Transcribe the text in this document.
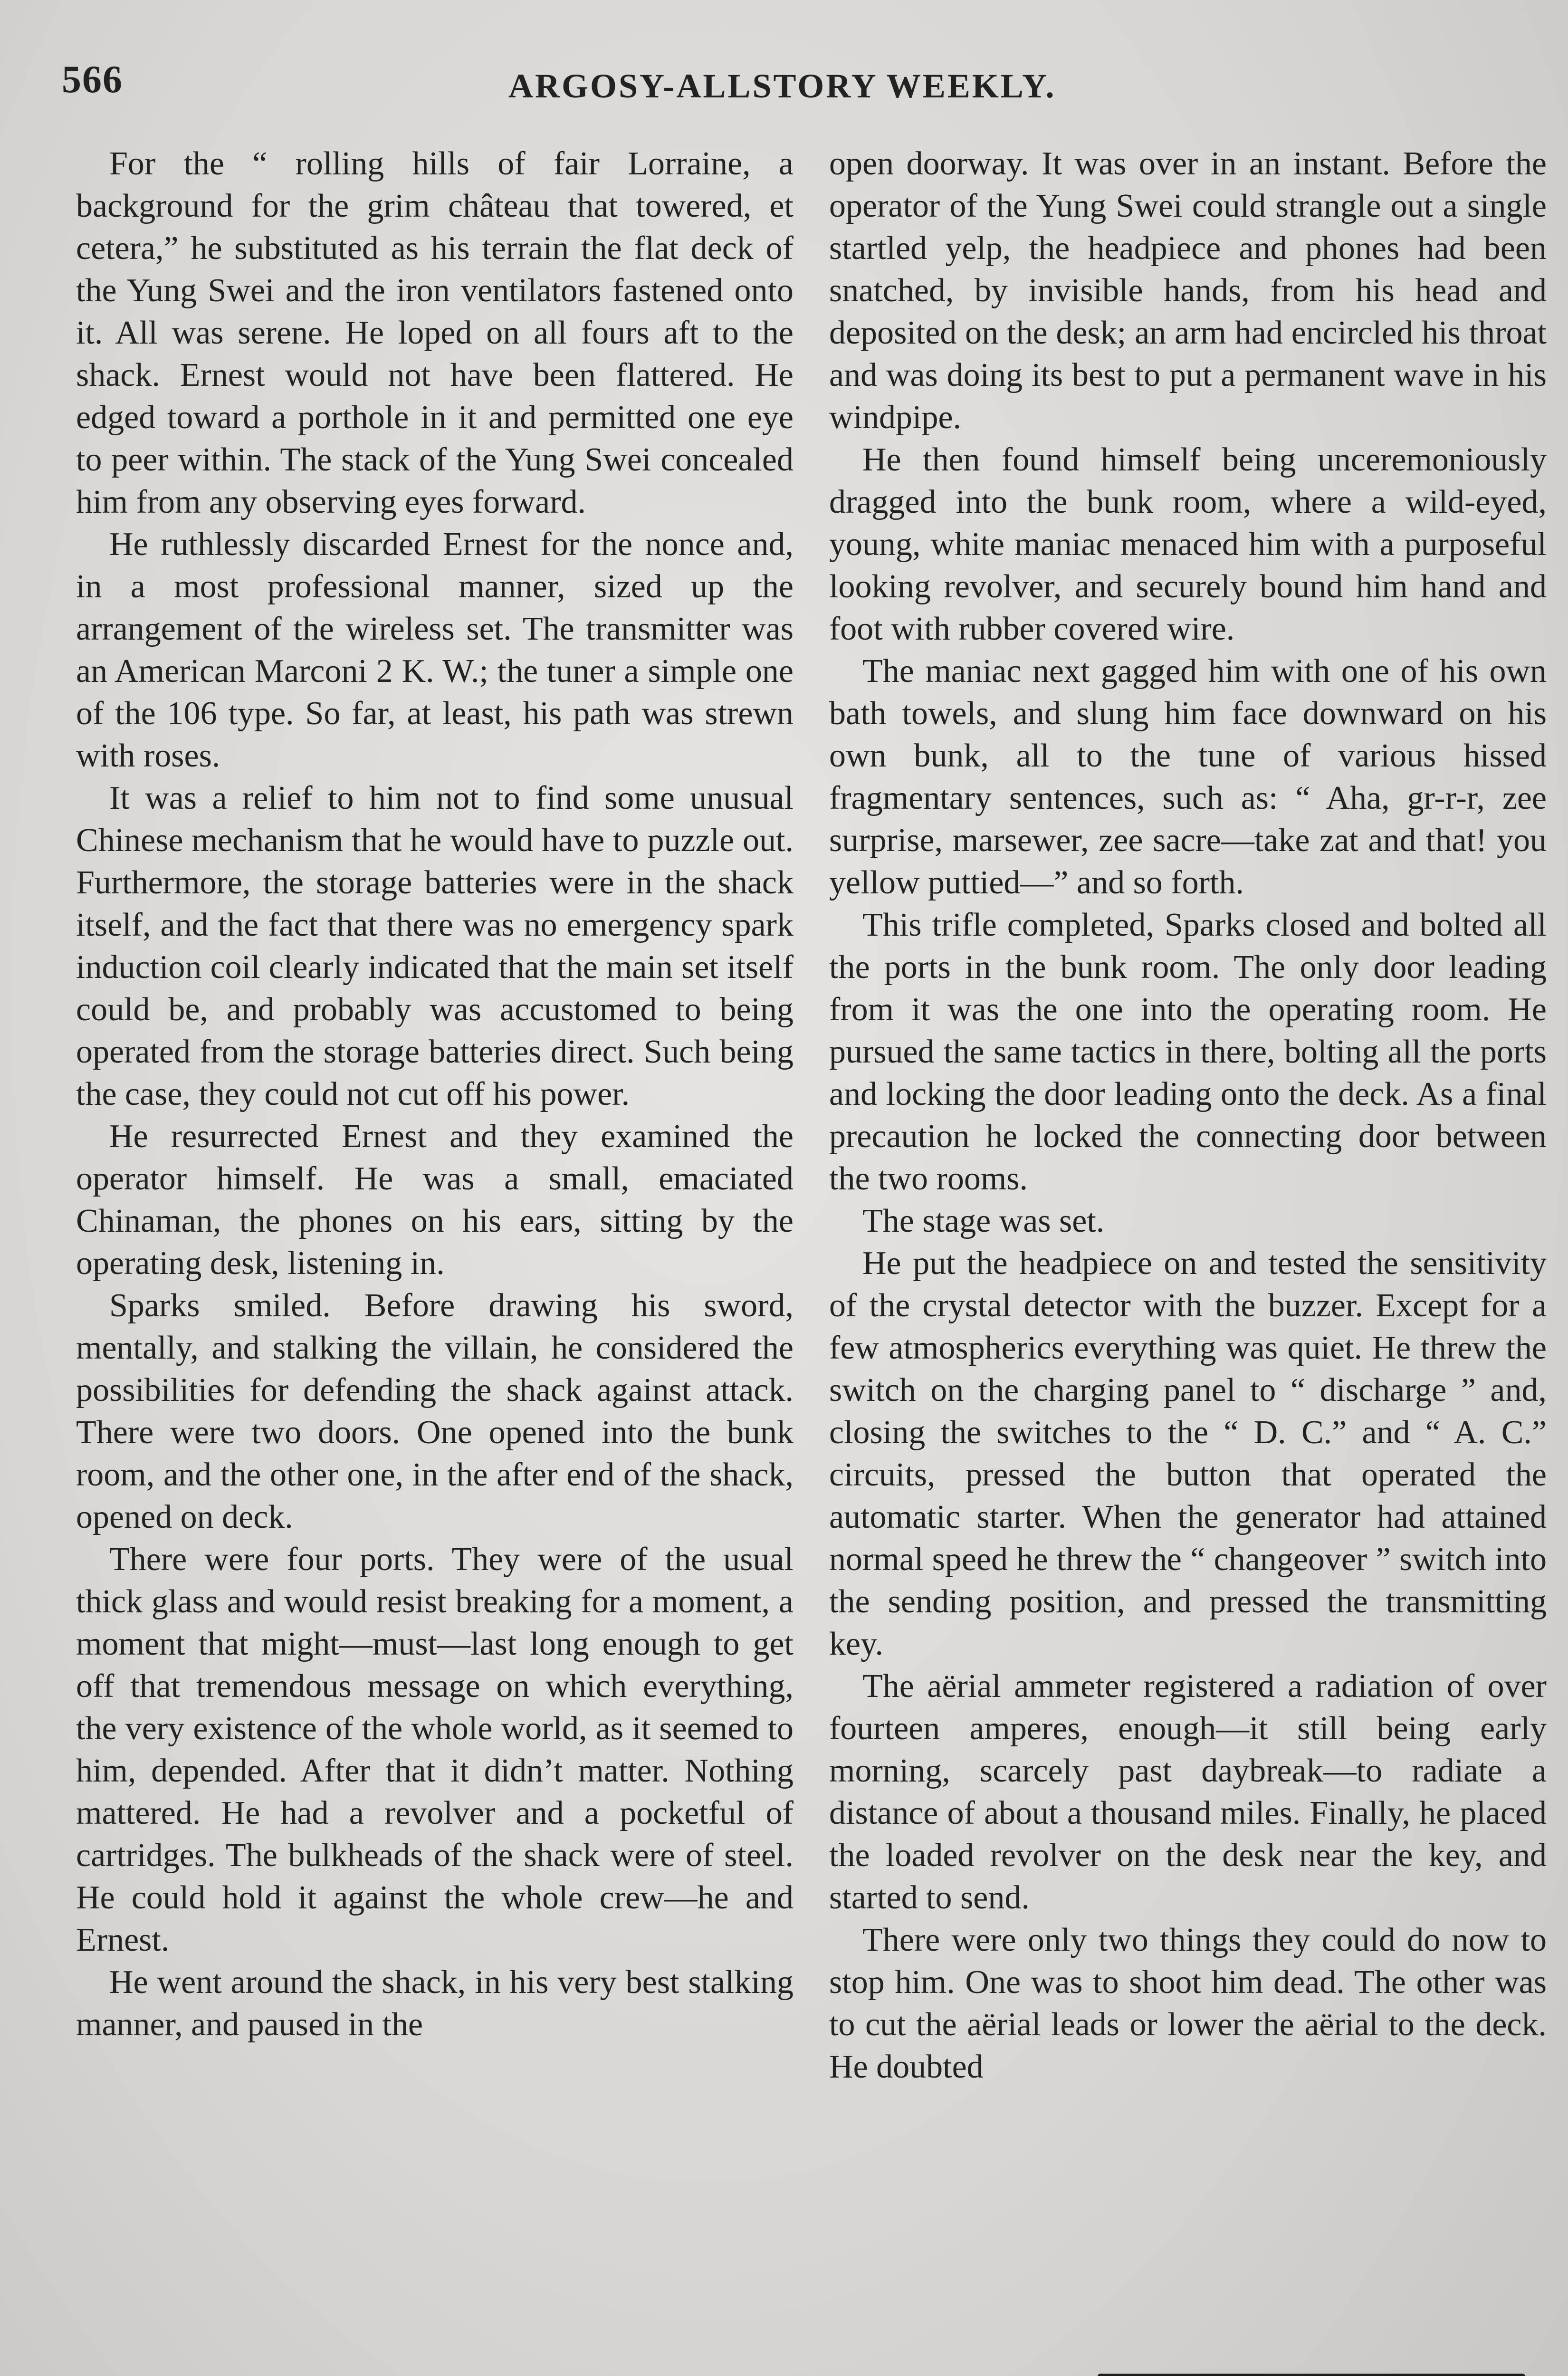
566	ARGOSY-ALLSTORY WEEKLY.

For the “ rolling hills of fair Lorraine, a background for the grim château that towered, et cetera,” he substituted as his terrain the flat deck of the Yung Swei and the iron ventilators fastened onto it. All was serene. He loped on all fours aft to the shack. Ernest would not have been flattered. He edged toward a porthole in it and permitted one eye to peer within. The stack of the Yung Swei concealed him from any observing eyes forward.

He ruthlessly discarded Ernest for the nonce and, in a most professional manner, sized up the arrangement of the wireless set. The transmitter was an American Marconi 2 K. W.; the tuner a simple one of the 106 type. So far, at least, his path was strewn with roses.

It was a relief to him not to find some unusual Chinese mechanism that he would have to puzzle out. Furthermore, the storage batteries were in the shack itself, and the fact that there was no emergency spark induction coil clearly indicated that the main set itself could be, and probably was accustomed to being operated from the storage batteries direct. Such being the case, they could not cut off his power.

He resurrected Ernest and they examined the operator himself. He was a small, emaciated Chinaman, the phones on his ears, sitting by the operating desk, listening in.

Sparks smiled. Before drawing his sword, mentally, and stalking the villain, he considered the possibilities for defending the shack against attack. There were two doors. One opened into the bunk room, and the other one, in the after end of the shack, opened on deck.

There were four ports. They were of the usual thick glass and would resist breaking for a moment, a moment that might—must—last long enough to get off that tremendous message on which everything, the very existence of the whole world, as it seemed to him, depended. After that it didn’t matter. Nothing mattered. He had a revolver and a pocketful of cartridges. The bulkheads of the shack were of steel. He could hold it against the whole crew—he and Ernest.

He went around the shack, in his very best stalking manner, and paused in the

open doorway. It was over in an instant. Before the operator of the Yung Swei could strangle out a single startled yelp, the headpiece and phones had been snatched, by invisible hands, from his head and deposited on the desk; an arm had encircled his throat and was doing its best to put a permanent wave in his windpipe.

He then found himself being unceremoniously dragged into the bunk room, where a wild-eyed, young, white maniac menaced him with a purposeful looking revolver, and securely bound him hand and foot with rubber covered wire.

The maniac next gagged him with one of his own bath towels, and slung him face downward on his own bunk, all to the tune of various hissed fragmentary sentences, such as: “ Aha, gr-r-r, zee surprise, marsewer, zee sacre—take zat and that! you yellow puttied—” and so forth.

This trifle completed, Sparks closed and bolted all the ports in the bunk room. The only door leading from it was the one into the operating room. He pursued the same tactics in there, bolting all the ports and locking the door leading onto the deck. As a final precaution he locked the connecting door between the two rooms.

The stage was set.

He put the headpiece on and tested the sensitivity of the crystal detector with the buzzer. Except for a few atmospherics everything was quiet. He threw the switch on the charging panel to “ discharge ” and, closing the switches to the “ D. C.” and “ A. C.” circuits, pressed the button that operated the automatic starter. When the generator had attained normal speed he threw the “ changeover ” switch into the sending position, and pressed the transmitting key.

The aërial ammeter registered a radiation of over fourteen amperes, enough—it still being early morning, scarcely past daybreak—to radiate a distance of about a thousand miles. Finally, he placed the loaded revolver on the desk near the key, and started to send.

There were only two things they could do now to stop him. One was to shoot him dead. The other was to cut the aërial leads or lower the aërial to the deck. He doubted
